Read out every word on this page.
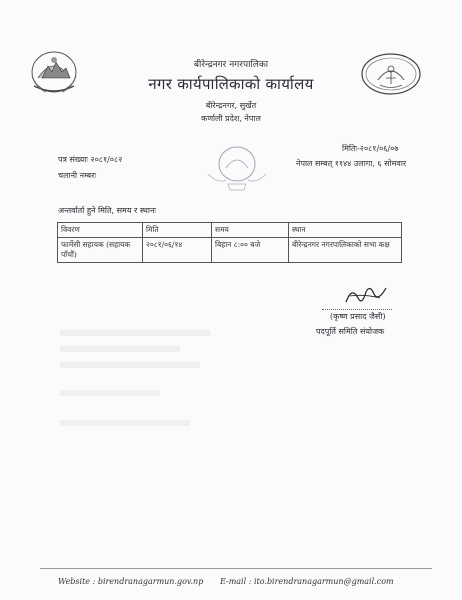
बीरेन्द्रनगर नगरपालिका
नगर कार्यपालिकाको कार्यालय
बीरेन्द्रनगर, सुर्खेत
कर्णाली प्रदेश, नेपाल
पत्र संख्याः २०८१/०८२
चलानी नम्बरः
मितिः-२०८१/०६/०७
नेपाल सम्बत् ११४४ उलागा, ६ सोमवार
अन्तर्वार्ता हुने मिति, समय र स्थानः
विवरण	मिति	समय	स्थान
फार्मेसी सहायक (सहायक पाँचौं)	२०८१/०६/१४	बिहान ८:०० बजे	बीरेन्द्रनगर नगरपालिकाको सभा कक्ष
(कृष्ण प्रसाद जैसी)
पदपूर्ति समिति संयोजक
Website : birendranagarmun.gov.np E-mail : ito.birendranagarmun@gmail.com
